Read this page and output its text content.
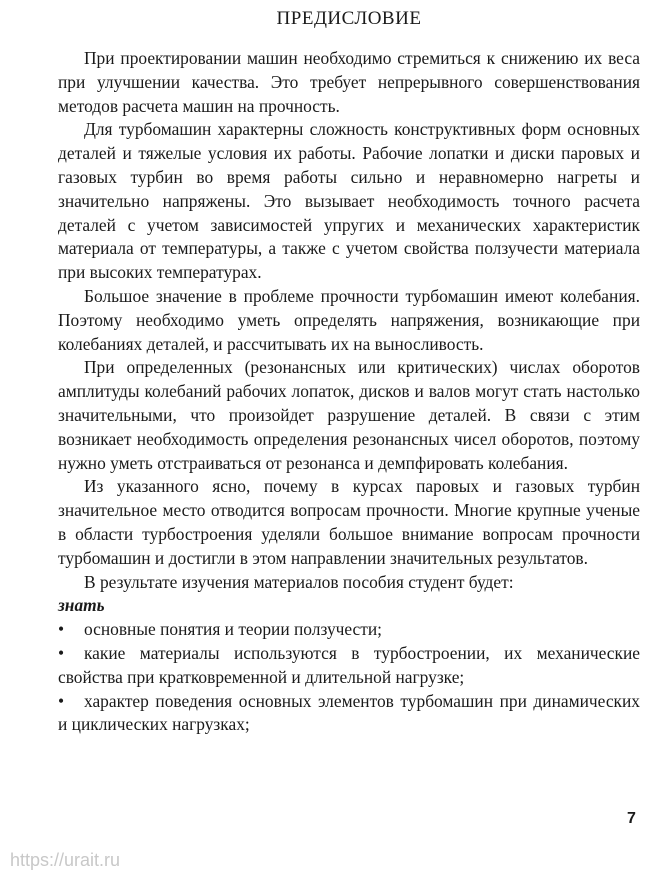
ПРЕДИСЛОВИЕ

При проектировании машин необходимо стремиться к снижению их веса при улучшении качества. Это требует непрерывного совершенствования методов расчета машин на прочность.

Для турбомашин характерны сложность конструктивных форм основных деталей и тяжелые условия их работы. Рабочие лопатки и диски паровых и газовых турбин во время работы сильно и неравномерно нагреты и значительно напряжены. Это вызывает необходимость точного расчета деталей с учетом зависимостей упругих и механических характеристик материала от температуры, а также с учетом свойства ползучести материала при высоких температурах.

Большое значение в проблеме прочности турбомашин имеют колебания. Поэтому необходимо уметь определять напряжения, возникающие при колебаниях деталей, и рассчитывать их на выносливость.

При определенных (резонансных или критических) числах оборотов амплитуды колебаний рабочих лопаток, дисков и валов могут стать настолько значительными, что произойдет разрушение деталей. В связи с этим возникает необходимость определения резонансных чисел оборотов, поэтому нужно уметь отстраиваться от резонанса и демпфировать колебания.

Из указанного ясно, почему в курсах паровых и газовых турбин значительное место отводится вопросам прочности. Многие крупные ученые в области турбостроения уделяли большое внимание вопросам прочности турбомашин и достигли в этом направлении значительных результатов.

В результате изучения материалов пособия студент будет:

знать

• основные понятия и теории ползучести;

• какие материалы используются в турбостроении, их механические свойства при кратковременной и длительной нагрузке;

• характер поведения основных элементов турбомашин при динамических и циклических нагрузках;

7
https://urait.ru
